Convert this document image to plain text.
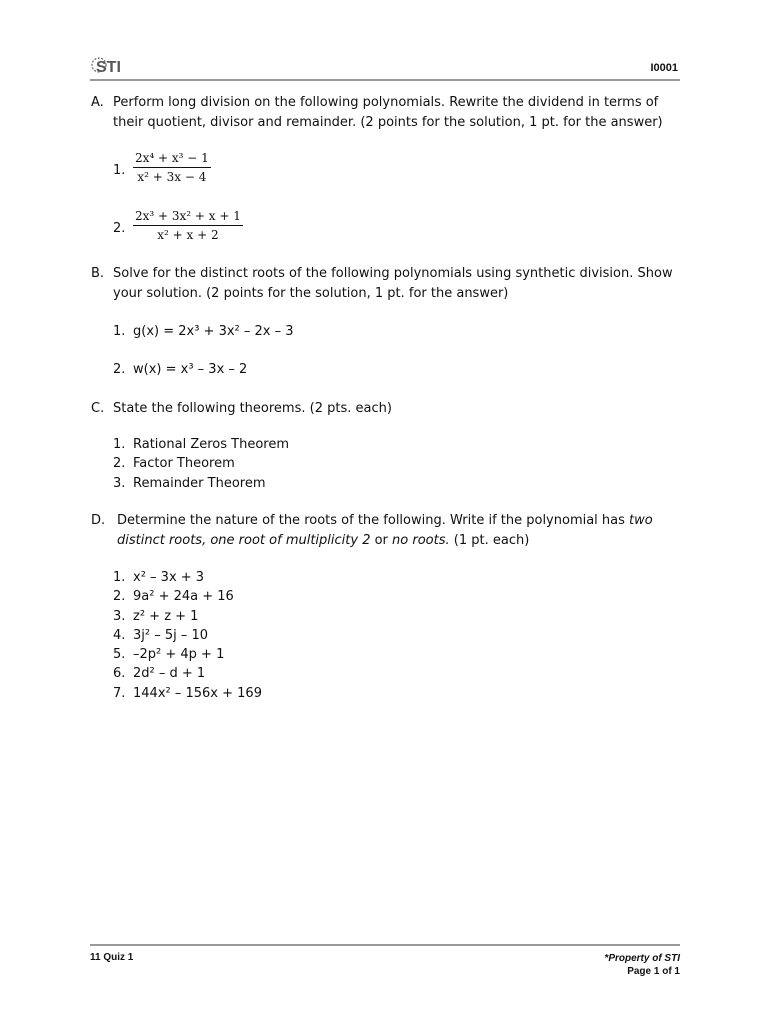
STI	I0001
A. Perform long division on the following polynomials. Rewrite the dividend in terms of their quotient, divisor and remainder. (2 points for the solution, 1 pt. for the answer)
1. $\frac{\text{2x⁴ + x³ − 1}}{\text{x² + 3x − 4}}$
2. $\frac{\text{2x³ + 3x² + x + 1}}{\text{x² + x + 2}}$
B. Solve for the distinct roots of the following polynomials using synthetic division. Show your solution. (2 points for the solution, 1 pt. for the answer)
1. g(x) = 2x³ + 3x² – 2x – 3
2. w(x) = x³ – 3x – 2
C. State the following theorems. (2 pts. each)
1. Rational Zeros Theorem
2. Factor Theorem
3. Remainder Theorem
D. Determine the nature of the roots of the following. Write if the polynomial has two distinct roots, one root of multiplicity 2 or no roots. (1 pt. each)
1. x² – 3x + 3
2. 9a² + 24a + 16
3. z² + z + 1
4. 3j² – 5j – 10
5. –2p² + 4p + 1
6. 2d² – d + 1
7. 144x² – 156x + 169
11 Quiz 1	*Property of STI
Page 1 of 1
